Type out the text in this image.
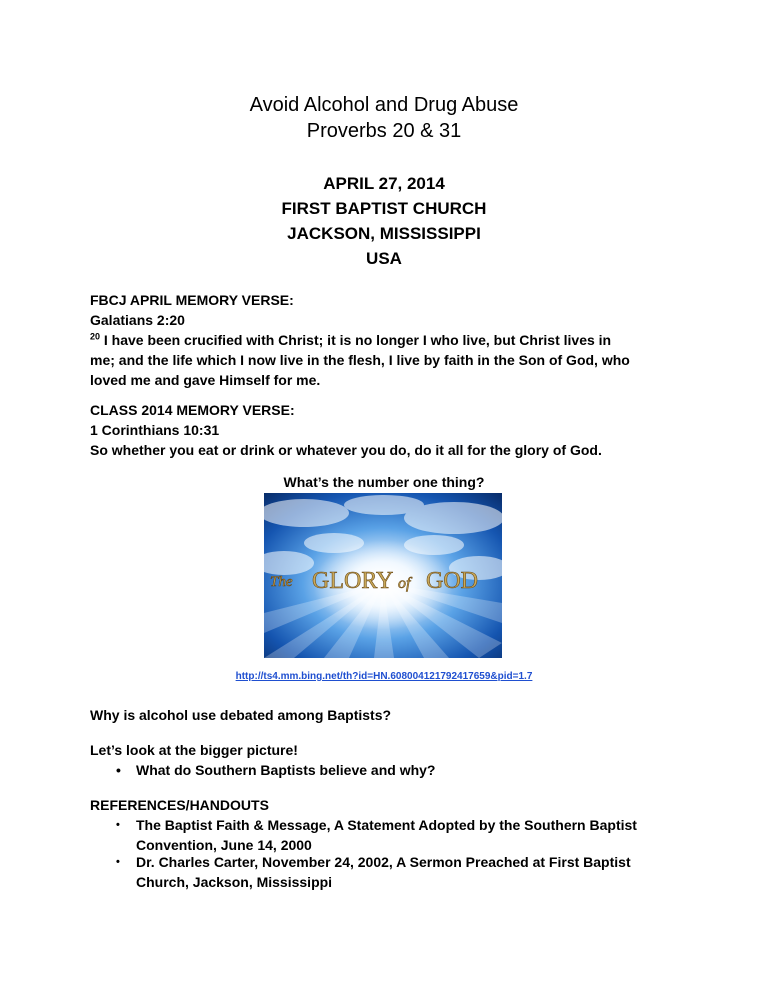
Avoid Alcohol and Drug Abuse
Proverbs 20 & 31
APRIL 27, 2014
FIRST BAPTIST CHURCH
JACKSON, MISSISSIPPI
USA
FBCJ APRIL MEMORY VERSE:
Galatians 2:20
$^{20}$ I have been crucified with Christ; it is no longer I who live, but Christ lives in
me; and the life which I now live in the flesh, I live by faith in the Son of God, who
loved me and gave Himself for me.
CLASS 2014 MEMORY VERSE:
1 Corinthians 10:31
So whether you eat or drink or whatever you do, do it all for the glory of God.
What’s the number one thing?
The GLORY of GOD
http://ts4.mm.bing.net/th?id=HN.608004121792417659&pid=1.7
Why is alcohol use debated among Baptists?
Let’s look at the bigger picture!
• What do Southern Baptists believe and why?
REFERENCES/HANDOUTS
• The Baptist Faith & Message, A Statement Adopted by the Southern Baptist
Convention, June 14, 2000
• Dr. Charles Carter, November 24, 2002, A Sermon Preached at First Baptist
Church, Jackson, Mississippi
